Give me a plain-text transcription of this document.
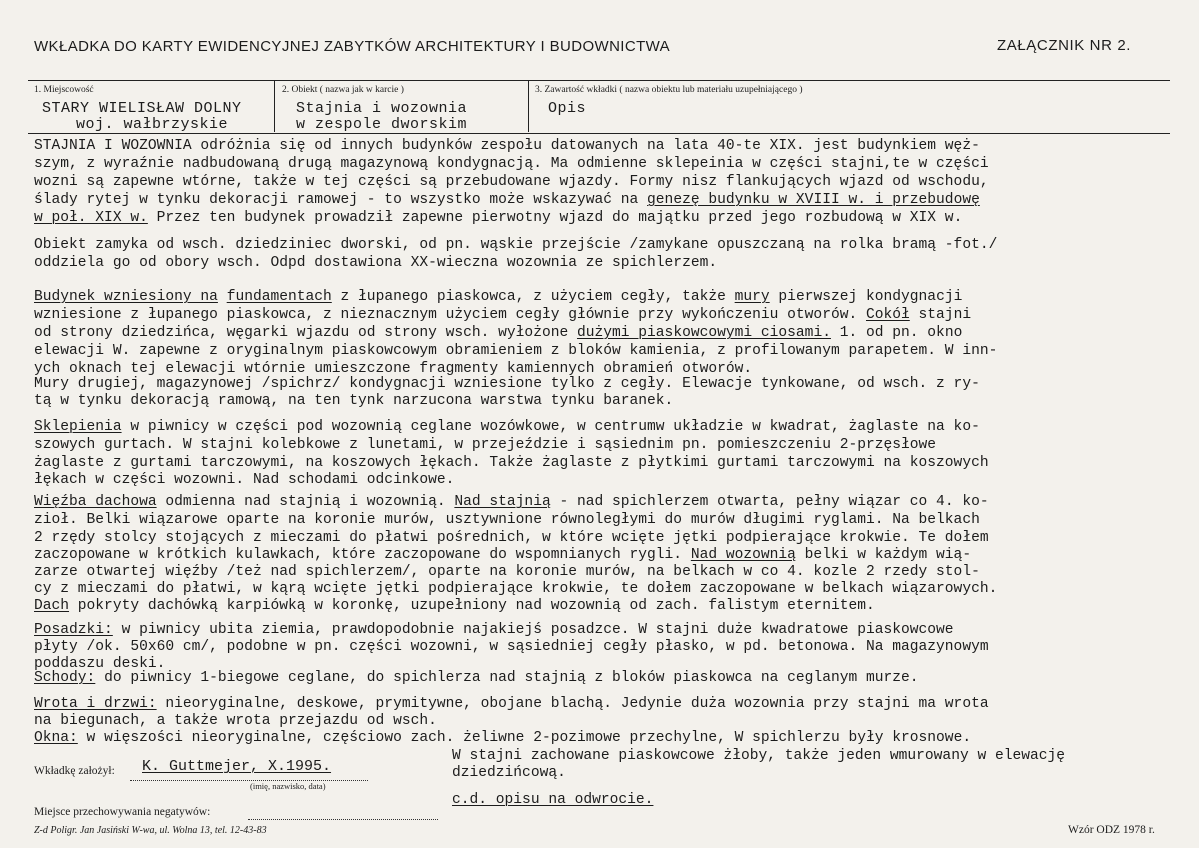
WKŁADKA DO KARTY EWIDENCYJNEJ ZABYTKÓW ARCHITEKTURY I BUDOWNICTWA	ZAŁĄCZNIK NR 2.
1. Miejscowość
STARY WIELISŁAW DOLNY
woj. wałbrzyskie
2. Obiekt ( nazwa jak w karcie )
Stajnia i wozownia
w zespole dworskim
3. Zawartość wkładki ( nazwa obiektu lub materiału uzupełniającego )
Opis
STAJNIA I WOZOWNIA odróżnia się od innych budynków zespołu datowanych na lata 40-te XIX. jest budynkiem węż-
szym, z wyraźnie nadbudowaną drugą magazynową kondygnacją. Ma odmienne sklepeinia w części stajni,te w części
wozni są zapewne wtórne, także w tej części są przebudowane wjazdy. Formy nisz flankujących wjazd od wschodu,
ślady rytej w tynku dekoracji ramowej - to wszystko może wskazywać na genezę budynku w XVIII w. i przebudowę
w poł. XIX w. Przez ten budynek prowadził zapewne pierwotny wjazd do majątku przed jego rozbudową w XIX w.
Obiekt zamyka od wsch. dziedziniec dworski, od pn. wąskie przejście /zamykane opuszczaną na rolka bramą -fot./
oddziela go od obory wsch. Odpd dostawiona XX-wieczna wozownia ze spichlerzem.
Budynek wzniesiony na fundamentach z łupanego piaskowca, z użyciem cegły, także mury pierwszej kondygnacji
wzniesione z łupanego piaskowca, z nieznacznym użyciem cegły głównie przy wykończeniu otworów. Cokół stajni
od strony dziedzińca, węgarki wjazdu od strony wsch. wyłożone dużymi piaskowcowymi ciosami. 1. od pn. okno
elewacji W. zapewne z oryginalnym piaskowcowym obramieniem z bloków kamienia, z profilowanym parapetem. W inn-
ych oknach tej elewacji wtórnie umieszczone fragmenty kamiennych obramień otworów.
Mury drugiej, magazynowej /spichrz/ kondygnacji wzniesione tylko z cegły. Elewacje tynkowane, od wsch. z ry-
tą w tynku dekoracją ramową, na ten tynk narzucona warstwa tynku baranek.
Sklepienia w piwnicy w części pod wozownią ceglane wozówkowe, w centrumw układzie w kwadrat, żaglaste na ko-
szowych gurtach. W stajni kolebkowe z lunetami, w przejeździe i sąsiednim pn. pomieszczeniu 2-przęsłowe
żaglaste z gurtami tarczowymi, na koszowych łękach. Także żaglaste z płytkimi gurtami tarczowymi na koszowych
łękach w części wozowni. Nad schodami odcinkowe.
Więźba dachowa odmienna nad stajnią i wozownią. Nad stajnią - nad spichlerzem otwarta, pełny wiązar co 4. ko-
zioł. Belki wiązarowe oparte na koronie murów, usztywnione równoległymi do murów długimi ryglami. Na belkach
2 rzędy stolcy stojących z mieczami do płatwi pośrednich, w które wcięte jętki podpierające krokwie. Te dołem
zaczopowane w krótkich kulawkach, które zaczopowane do wspomnianych rygli. Nad wozownią belki w każdym wią-
zarze otwartej więźby /też nad spichlerzem/, oparte na koronie murów, na belkach w co 4. kozle 2 rzedy stol-
cy z mieczami do płatwi, w kąrą wcięte jętki podpierające krokwie, te dołem zaczopowane w belkach wiązarowych.
Dach pokryty dachówką karpiówką w koronkę, uzupełniony nad wozownią od zach. falistym eternitem.
Posadzki: w piwnicy ubita ziemia, prawdopodobnie najakiejś posadzce. W stajni duże kwadratowe piaskowcowe
płyty /ok. 50x60 cm/, podobne w pn. części wozowni, w sąsiedniej cegły płasko, w pd. betonowa. Na magazynowym
poddaszu deski.
Schody: do piwnicy 1-biegowe ceglane, do spichlerza nad stajnią z bloków piaskowca na ceglanym murze.
Wrota i drzwi: nieoryginalne, deskowe, prymitywne, obojane blachą. Jedynie duża wozownia przy stajni ma wrota
na biegunach, a także wrota przejazdu od wsch.
Okna: w więszości nieoryginalne, częściowo zach. żeliwne 2-pozimowe przechylne, W spichlerzu były krosnowe.
W stajni zachowane piaskowcowe żłoby, także jeden wmurowany w elewację
dziedzińcową.
c.d. opisu na odwrocie.
Wkładkę założył: K. Guttmejer, X.1995.
(imię, nazwisko, data)
Miejsce przechowywania negatywów:
Z-d Poligr. Jan Jasiński W-wa, ul. Wolna 13, tel. 12-43-83	Wzór ODZ 1978 r.
